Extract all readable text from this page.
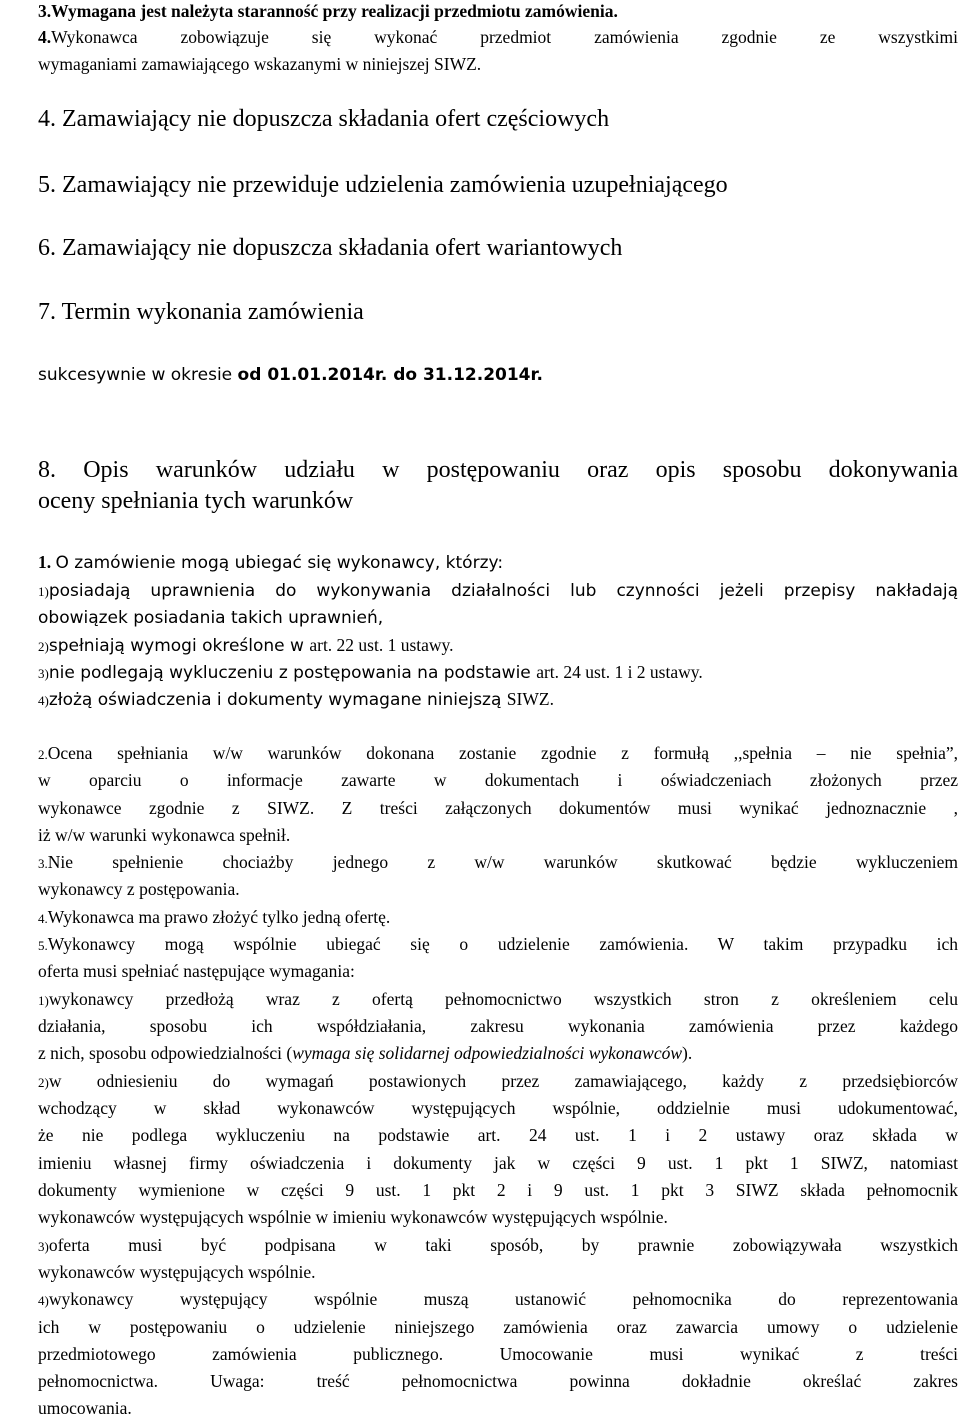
3.Wymagana jest należyta staranność przy realizacji przedmiotu zamówienia.

4.Wykonawca zobowiązuje się wykonać przedmiot zamówienia zgodnie ze wszystkimi

wymaganiami zamawiającego wskazanymi w niniejszej SIWZ.

4. Zamawiający nie dopuszcza składania ofert częściowych

5. Zamawiający nie przewiduje udzielenia zamówienia uzupełniającego

6. Zamawiający nie dopuszcza składania ofert wariantowych

7. Termin wykonania zamówienia

sukcesywnie w okresie od 01.01.2014r. do 31.12.2014r.

8. Opis warunków udziału w postępowaniu oraz opis sposobu dokonywania

oceny spełniania tych warunków

1. O zamówienie mogą ubiegać się wykonawcy, którzy:

1)posiadają uprawnienia do wykonywania działalności lub czynności jeżeli przepisy nakładają

obowiązek posiadania takich uprawnień,

2)spełniają wymogi określone w art. 22 ust. 1 ustawy.

3)nie podlegają wykluczeniu z postępowania na podstawie art. 24 ust. 1 i 2 ustawy.

4)złożą oświadczenia i dokumenty wymagane niniejszą SIWZ.

2.Ocena spełniania w/w warunków dokonana zostanie zgodnie z formułą ,,spełnia – nie spełnia”,

w oparciu o informacje zawarte w dokumentach i oświadczeniach złożonych przez

wykonawce zgodnie z SIWZ. Z treści załączonych dokumentów musi wynikać jednoznacznie ,

iż w/w warunki wykonawca spełnił.

3.Nie spełnienie chociażby jednego z w/w warunków skutkować będzie wykluczeniem

wykonawcy z postępowania.

4.Wykonawca ma prawo złożyć tylko jedną ofertę.

5.Wykonawcy mogą wspólnie ubiegać się o udzielenie zamówienia. W takim przypadku ich

oferta musi spełniać następujące wymagania:

1)wykonawcy przedłożą wraz z ofertą pełnomocnictwo wszystkich stron z określeniem celu

działania, sposobu ich współdziałania, zakresu wykonania zamówienia przez każdego

z nich, sposobu odpowiedzialności (wymaga się solidarnej odpowiedzialności wykonawców).

2)w odniesieniu do wymagań postawionych przez zamawiającego, każdy z przedsiębiorców

wchodzący w skład wykonawców występujących wspólnie, oddzielnie musi udokumentować,

że nie podlega wykluczeniu na podstawie art. 24 ust. 1 i 2 ustawy oraz składa w

imieniu własnej firmy oświadczenia i dokumenty jak w części 9 ust. 1 pkt 1 SIWZ, natomiast

dokumenty wymienione w części 9 ust. 1 pkt 2 i 9 ust. 1 pkt 3 SIWZ składa pełnomocnik

wykonawców występujących wspólnie w imieniu wykonawców występujących wspólnie.

3)oferta musi być podpisana w taki sposób, by prawnie zobowiązywała wszystkich

wykonawców występujących wspólnie.

4)wykonawcy występujący wspólnie muszą ustanowić pełnomocnika do reprezentowania

ich w postępowaniu o udzielenie niniejszego zamówienia oraz zawarcia umowy o udzielenie

przedmiotowego zamówienia publicznego. Umocowanie musi wynikać z treści

pełnomocnictwa. Uwaga: treść pełnomocnictwa powinna dokładnie określać zakres

umocowania.
